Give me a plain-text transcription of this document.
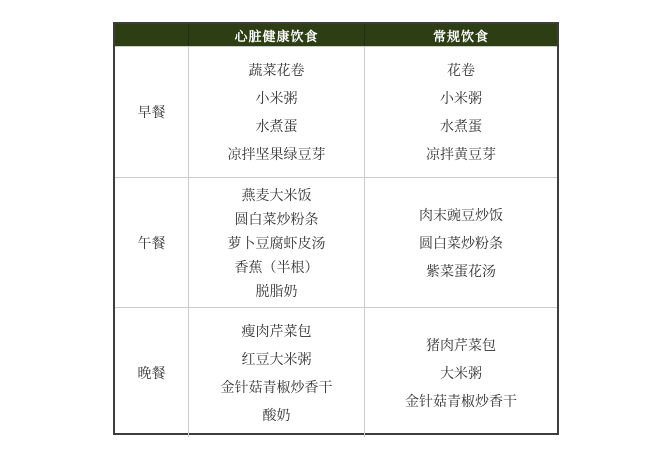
心脏健康饮食	常规饮食
早餐
蔬菜花卷
小米粥
水煮蛋
凉拌坚果绿豆芽
花卷
小米粥
水煮蛋
凉拌黄豆芽
午餐
燕麦大米饭
圆白菜炒粉条
萝卜豆腐虾皮汤
香蕉（半根）
脱脂奶
肉末豌豆炒饭
圆白菜炒粉条
紫菜蛋花汤
晚餐
瘦肉芹菜包
红豆大米粥
金针菇青椒炒香干
酸奶
猪肉芹菜包
大米粥
金针菇青椒炒香干
